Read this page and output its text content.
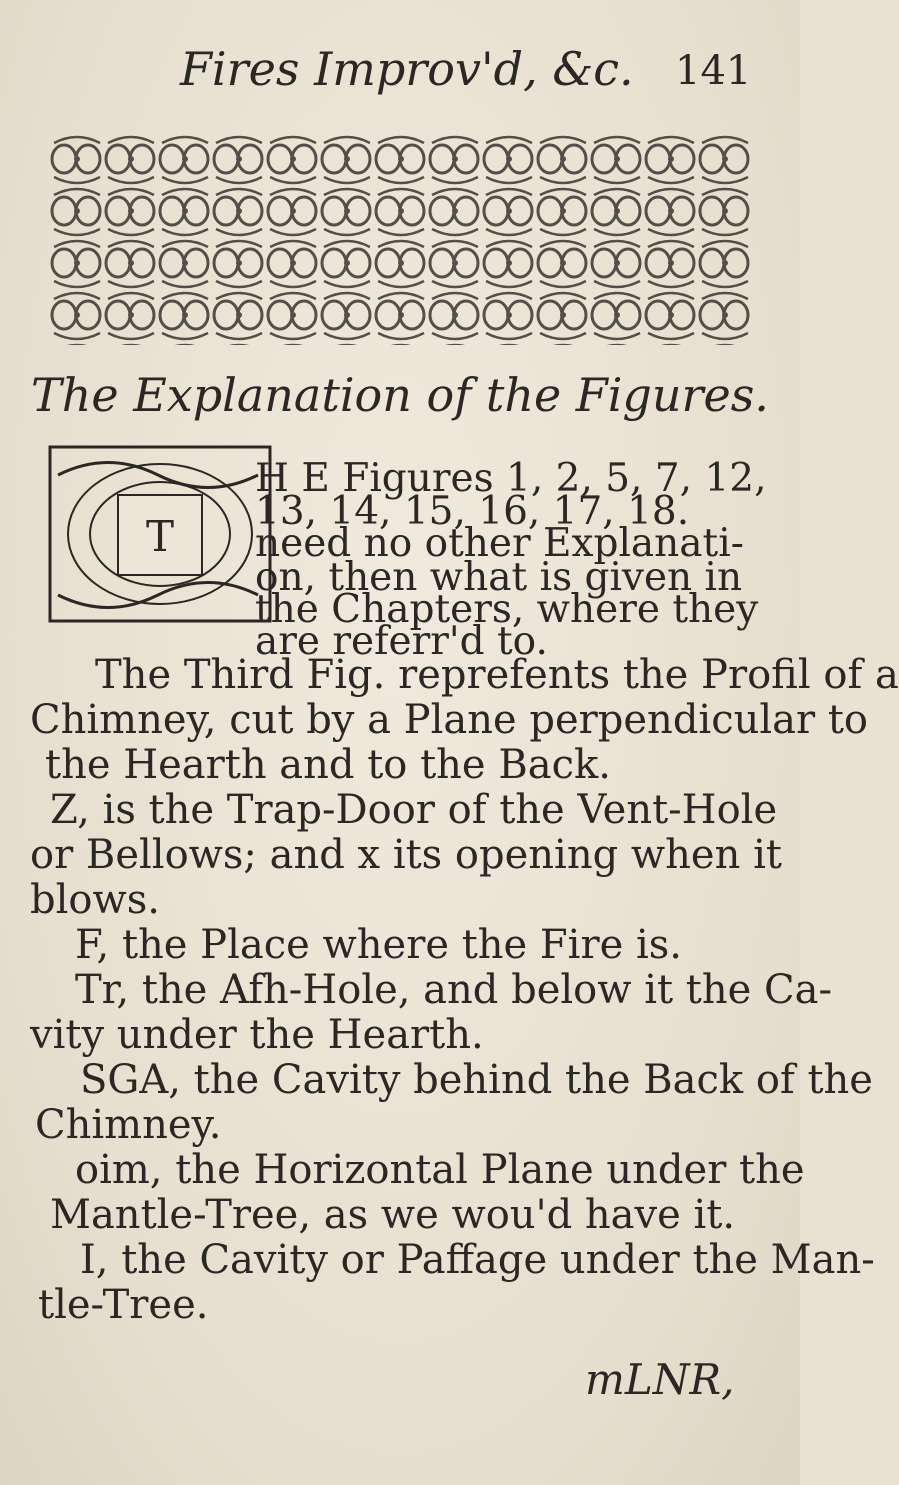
Fires Improv'd, &c. 141
The Explanation of the Figures.
T
H E Figures 1, 2, 5, 7, 12,
13, 14, 15, 16, 17, 18.
need no other Explanati-
on, then what is given in
the Chapters, where they
are referr'd to.
The Third Fig. reprefents the Profil of a
Chimney, cut by a Plane perpendicular to
the Hearth and to the Back.
Z, is the Trap-Door of the Vent-Hole
or Bellows; and x its opening when it
blows.
F, the Place where the Fire is.
Tr, the Afh-Hole, and below it the Ca-
vity under the Hearth.
SGA, the Cavity behind the Back of the
Chimney.
oim, the Horizontal Plane under the
Mantle-Tree, as we wou'd have it.
I, the Cavity or Paffage under the Man-
tle-Tree.
mLNR,
